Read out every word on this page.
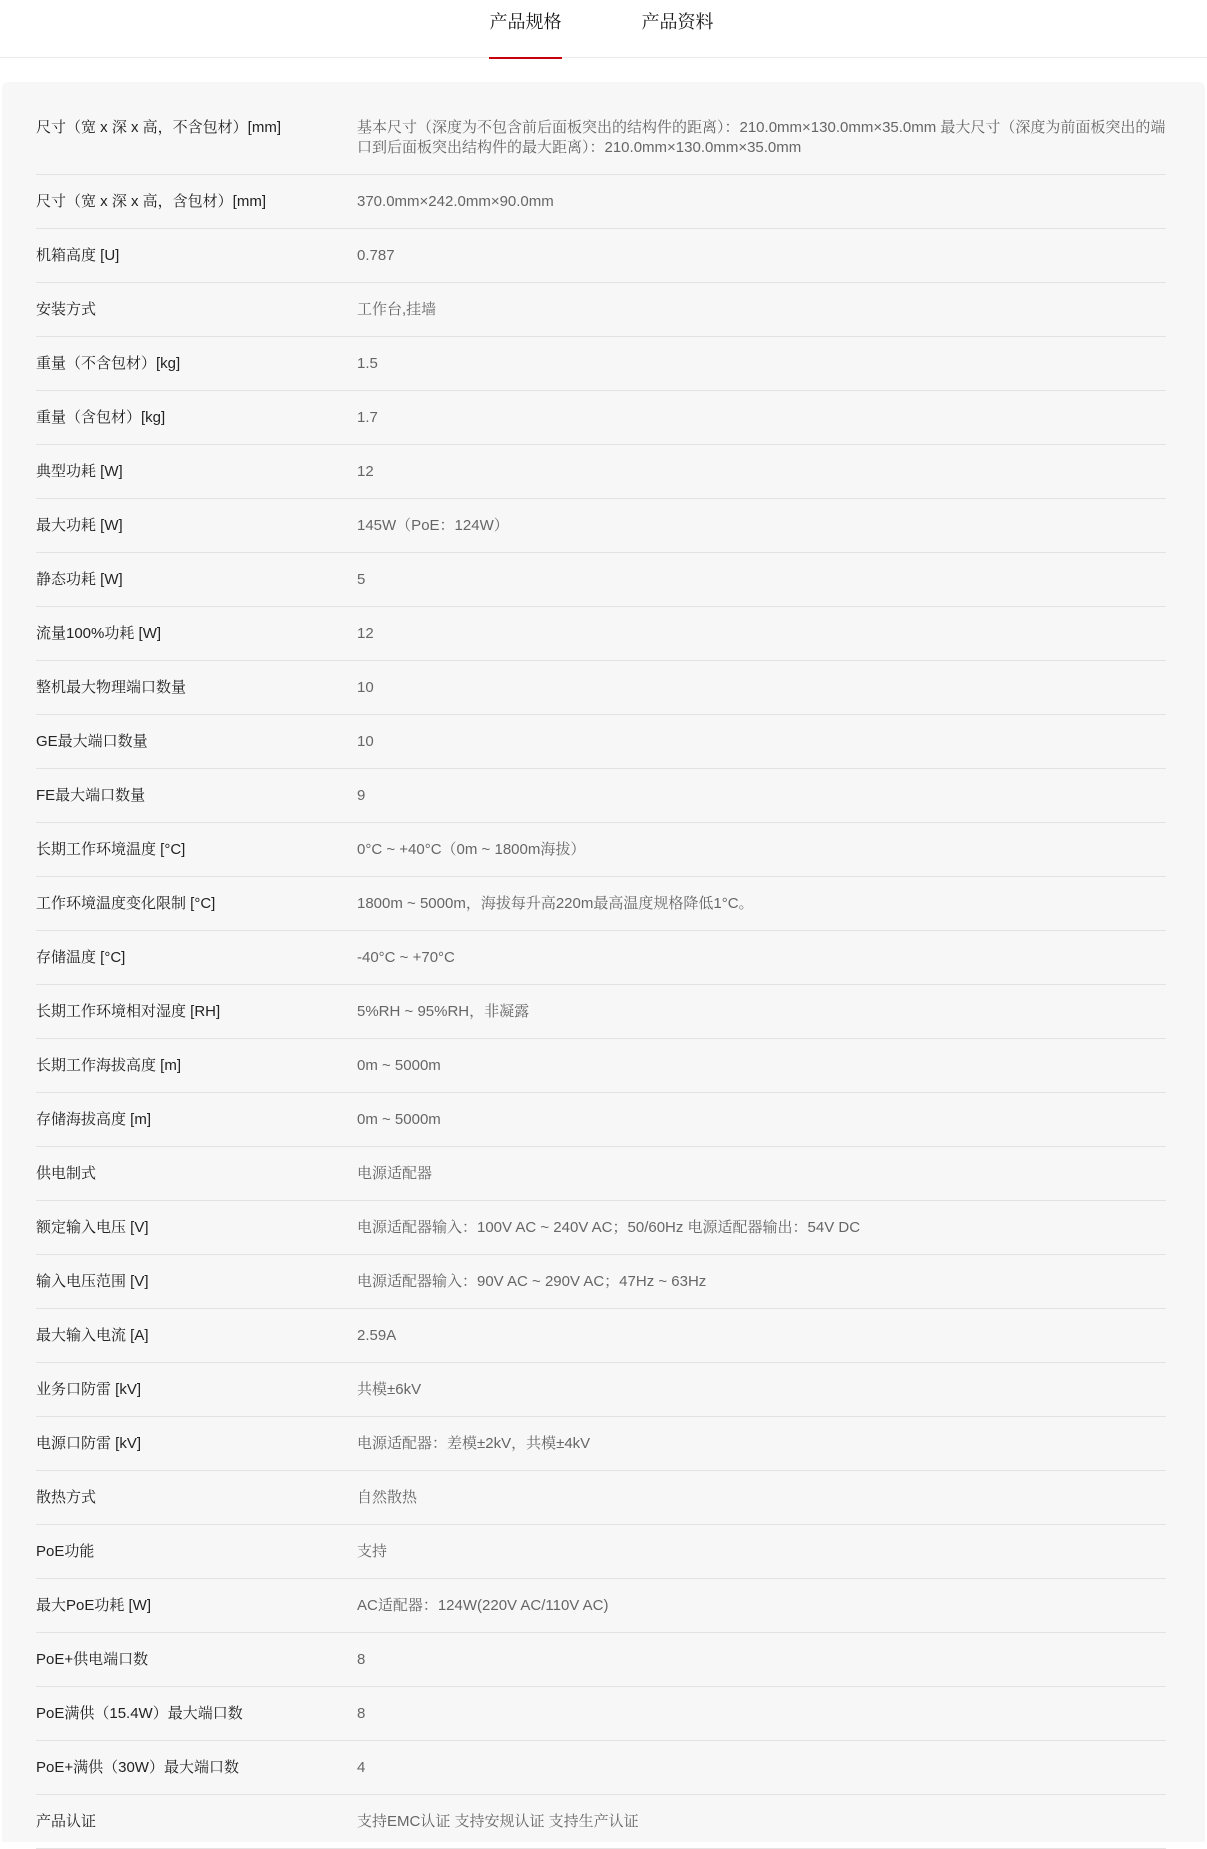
产品规格	产品资料
尺寸（宽 x 深 x 高，不含包材）[mm]	基本尺寸（深度为不包含前后面板突出的结构件的距离）：210.0mm×130.0mm×35.0mm 最大尺寸（深度为前面板突出的端口到后面板突出结构件的最大距离）：210.0mm×130.0mm×35.0mm
尺寸（宽 x 深 x 高，含包材）[mm]	370.0mm×242.0mm×90.0mm
机箱高度 [U]	0.787
安装方式	工作台,挂墙
重量（不含包材）[kg]	1.5
重量（含包材）[kg]	1.7
典型功耗 [W]	12
最大功耗 [W]	145W（PoE：124W）
静态功耗 [W]	5
流量100%功耗 [W]	12
整机最大物理端口数量	10
GE最大端口数量	10
FE最大端口数量	9
长期工作环境温度 [°C]	0°C ~ +40°C（0m ~ 1800m海拔）
工作环境温度变化限制 [°C]	1800m ~ 5000m，海拔每升高220m最高温度规格降低1°C。
存储温度 [°C]	-40°C ~ +70°C
长期工作环境相对湿度 [RH]	5%RH ~ 95%RH，非凝露
长期工作海拔高度 [m]	0m ~ 5000m
存储海拔高度 [m]	0m ~ 5000m
供电制式	电源适配器
额定输入电压 [V]	电源适配器输入：100V AC ~ 240V AC；50/60Hz 电源适配器输出：54V DC
输入电压范围 [V]	电源适配器输入：90V AC ~ 290V AC；47Hz ~ 63Hz
最大输入电流 [A]	2.59A
业务口防雷 [kV]	共模±6kV
电源口防雷 [kV]	电源适配器：差模±2kV，共模±4kV
散热方式	自然散热
PoE功能	支持
最大PoE功耗 [W]	AC适配器：124W(220V AC/110V AC)
PoE+供电端口数	8
PoE满供（15.4W）最大端口数	8
PoE+满供（30W）最大端口数	4
产品认证	支持EMC认证 支持安规认证 支持生产认证
